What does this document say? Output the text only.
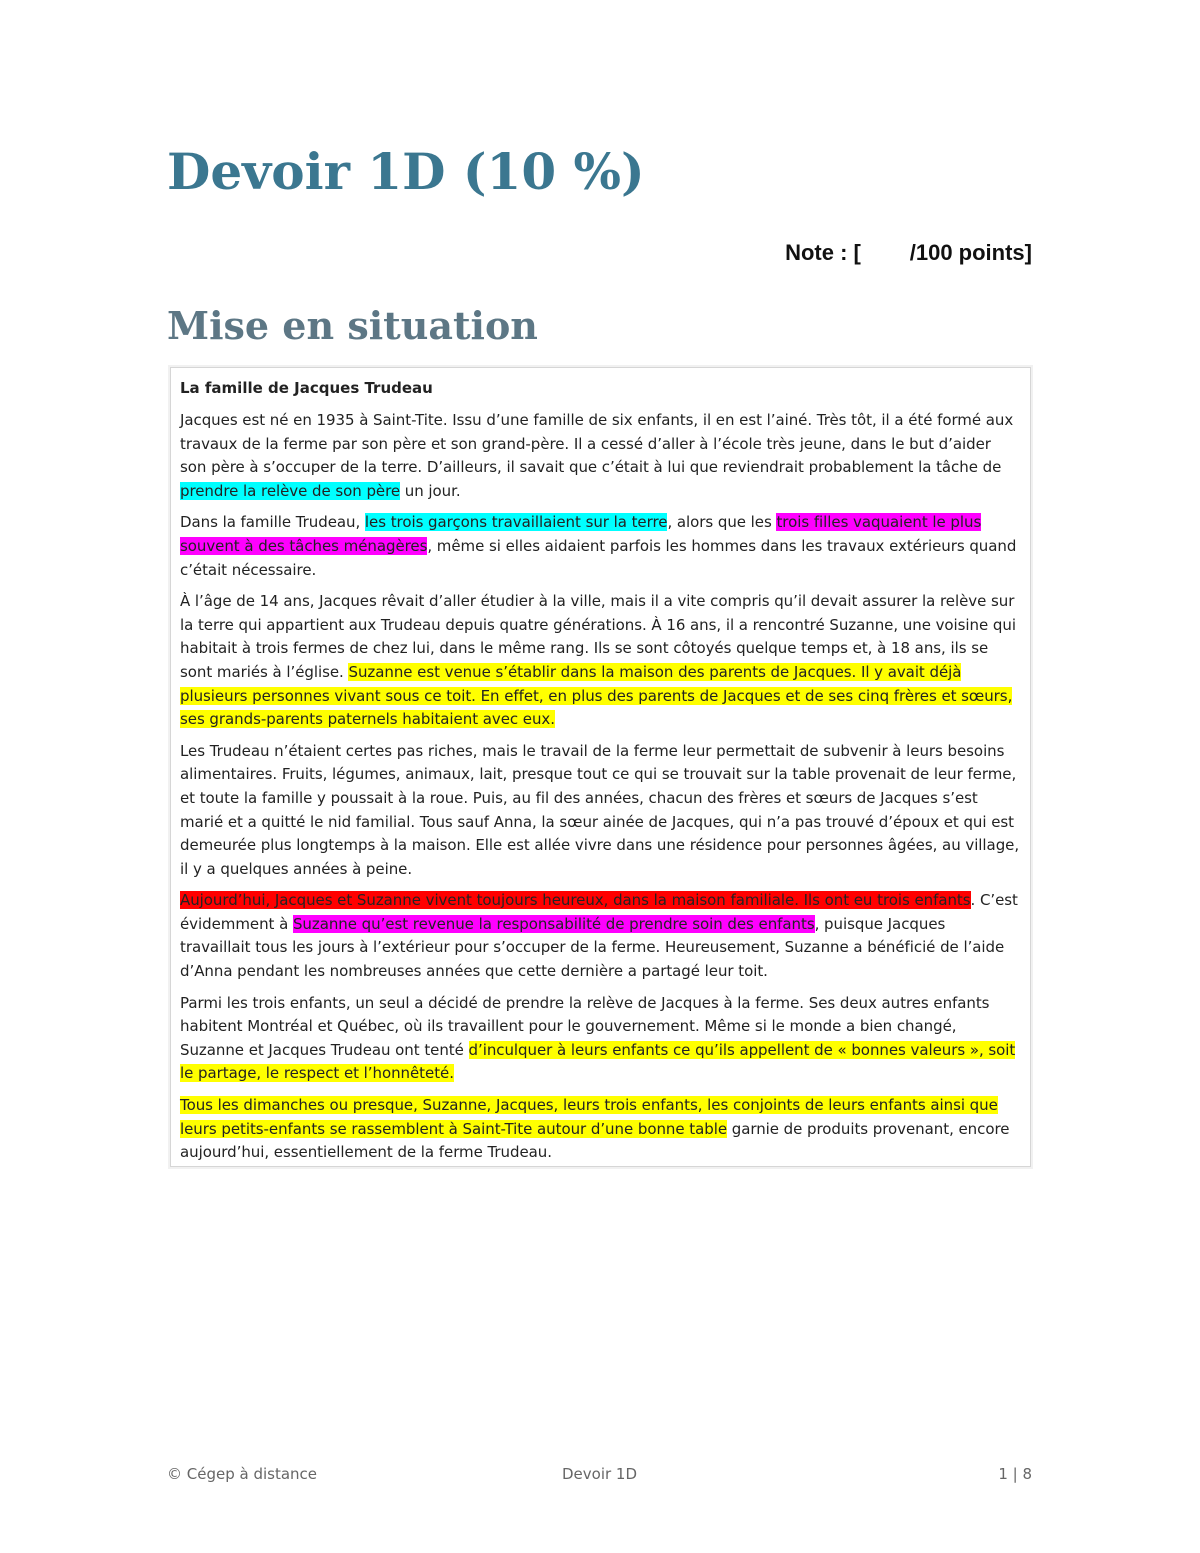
Devoir 1D (10 %)
Note : [        /100 points]
Mise en situation
La famille de Jacques Trudeau

Jacques est né en 1935 à Saint-Tite. Issu d’une famille de six enfants, il en est l’ainé. Très tôt, il a été formé aux travaux de la ferme par son père et son grand-père. Il a cessé d’aller à l’école très jeune, dans le but d’aider son père à s’occuper de la terre. D’ailleurs, il savait que c’était à lui que reviendrait probablement la tâche de prendre la relève de son père un jour.

Dans la famille Trudeau, les trois garçons travaillaient sur la terre, alors que les trois filles vaquaient le plus souvent à des tâches ménagères, même si elles aidaient parfois les hommes dans les travaux extérieurs quand c’était nécessaire.

À l’âge de 14 ans, Jacques rêvait d’aller étudier à la ville, mais il a vite compris qu’il devait assurer la relève sur la terre qui appartient aux Trudeau depuis quatre générations. À 16 ans, il a rencontré Suzanne, une voisine qui habitait à trois fermes de chez lui, dans le même rang. Ils se sont côtoyés quelque temps et, à 18 ans, ils se sont mariés à l’église. Suzanne est venue s’établir dans la maison des parents de Jacques. Il y avait déjà plusieurs personnes vivant sous ce toit. En effet, en plus des parents de Jacques et de ses cinq frères et sœurs, ses grands-parents paternels habitaient avec eux.

Les Trudeau n’étaient certes pas riches, mais le travail de la ferme leur permettait de subvenir à leurs besoins alimentaires. Fruits, légumes, animaux, lait, presque tout ce qui se trouvait sur la table provenait de leur ferme, et toute la famille y poussait à la roue. Puis, au fil des années, chacun des frères et sœurs de Jacques s’est marié et a quitté le nid familial. Tous sauf Anna, la sœur ainée de Jacques, qui n’a pas trouvé d’époux et qui est demeurée plus longtemps à la maison. Elle est allée vivre dans une résidence pour personnes âgées, au village, il y a quelques années à peine.

Aujourd’hui, Jacques et Suzanne vivent toujours heureux, dans la maison familiale. Ils ont eu trois enfants. C’est évidemment à Suzanne qu’est revenue la responsabilité de prendre soin des enfants, puisque Jacques travaillait tous les jours à l’extérieur pour s’occuper de la ferme. Heureusement, Suzanne a bénéficié de l’aide d’Anna pendant les nombreuses années que cette dernière a partagé leur toit.

Parmi les trois enfants, un seul a décidé de prendre la relève de Jacques à la ferme. Ses deux autres enfants habitent Montréal et Québec, où ils travaillent pour le gouvernement. Même si le monde a bien changé, Suzanne et Jacques Trudeau ont tenté d’inculquer à leurs enfants ce qu’ils appellent de « bonnes valeurs », soit le partage, le respect et l’honnêteté.

Tous les dimanches ou presque, Suzanne, Jacques, leurs trois enfants, les conjoints de leurs enfants ainsi que leurs petits-enfants se rassemblent à Saint-Tite autour d’une bonne table garnie de produits provenant, encore aujourd’hui, essentiellement de la ferme Trudeau.

© Cégep à distance	Devoir 1D	1 | 8
